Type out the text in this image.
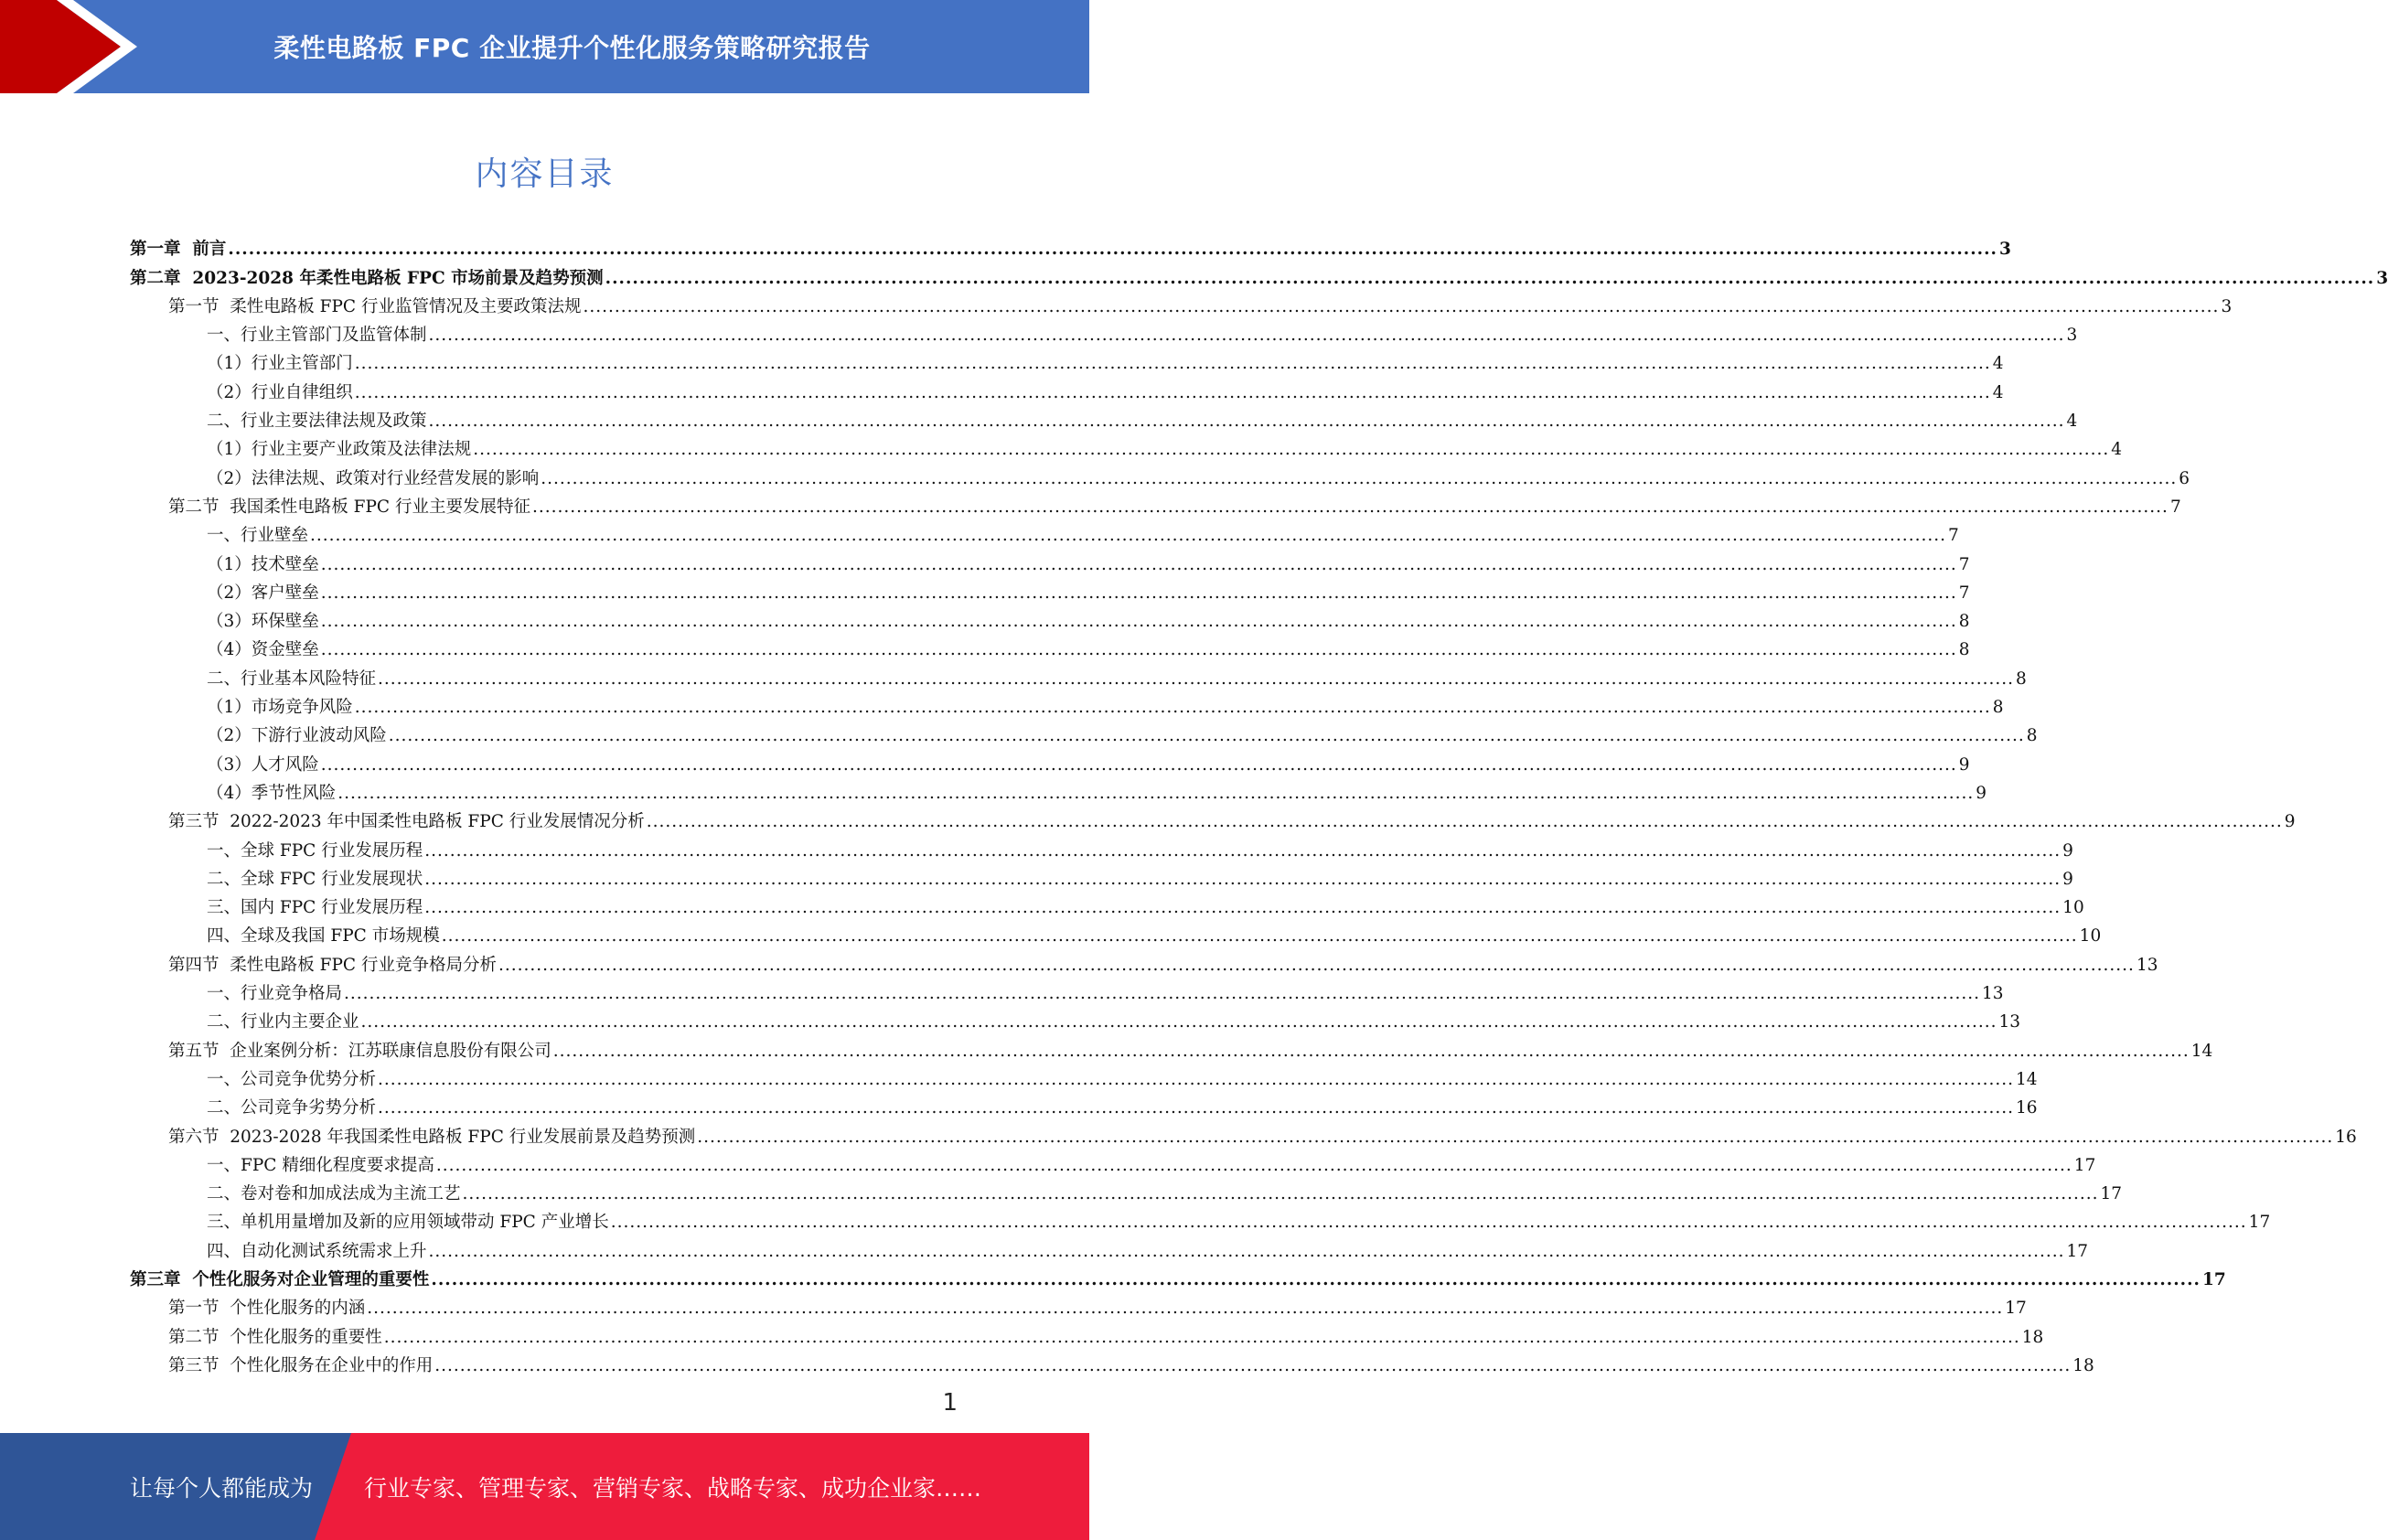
柔性电路板 FPC 企业提升个性化服务策略研究报告
内容目录
第一章  前言 .................................................................................................................................................................................................................................................................... 3
第二章  2023-2028 年柔性电路板 FPC 市场前景及趋势预测 .................................................................................................................................................................................................................................................................... 3
第一节  柔性电路板 FPC 行业监管情况及主要政策法规 .................................................................................................................................................................................................................................................................... 3
一、行业主管部门及监管体制 .................................................................................................................................................................................................................................................................... 3
（1）行业主管部门 .................................................................................................................................................................................................................................................................... 4
（2）行业自律组织 .................................................................................................................................................................................................................................................................... 4
二、行业主要法律法规及政策 .................................................................................................................................................................................................................................................................... 4
（1）行业主要产业政策及法律法规 .................................................................................................................................................................................................................................................................... 4
（2）法律法规、政策对行业经营发展的影响 .................................................................................................................................................................................................................................................................... 6
第二节  我国柔性电路板 FPC 行业主要发展特征 .................................................................................................................................................................................................................................................................... 7
一、行业壁垒 .................................................................................................................................................................................................................................................................... 7
（1）技术壁垒 .................................................................................................................................................................................................................................................................... 7
（2）客户壁垒 .................................................................................................................................................................................................................................................................... 7
（3）环保壁垒 .................................................................................................................................................................................................................................................................... 8
（4）资金壁垒 .................................................................................................................................................................................................................................................................... 8
二、行业基本风险特征 .................................................................................................................................................................................................................................................................... 8
（1）市场竞争风险 .................................................................................................................................................................................................................................................................... 8
（2）下游行业波动风险 .................................................................................................................................................................................................................................................................... 8
（3）人才风险 .................................................................................................................................................................................................................................................................... 9
（4）季节性风险 .................................................................................................................................................................................................................................................................... 9
第三节  2022-2023 年中国柔性电路板 FPC 行业发展情况分析 .................................................................................................................................................................................................................................................................... 9
一、全球 FPC 行业发展历程 .................................................................................................................................................................................................................................................................... 9
二、全球 FPC 行业发展现状 .................................................................................................................................................................................................................................................................... 9
三、国内 FPC 行业发展历程 .................................................................................................................................................................................................................................................................... 10
四、全球及我国 FPC 市场规模 .................................................................................................................................................................................................................................................................... 10
第四节  柔性电路板 FPC 行业竞争格局分析 .................................................................................................................................................................................................................................................................... 13
一、行业竞争格局 .................................................................................................................................................................................................................................................................... 13
二、行业内主要企业 .................................................................................................................................................................................................................................................................... 13
第五节  企业案例分析：江苏联康信息股份有限公司 .................................................................................................................................................................................................................................................................... 14
一、公司竞争优势分析 .................................................................................................................................................................................................................................................................... 14
二、公司竞争劣势分析 .................................................................................................................................................................................................................................................................... 16
第六节  2023-2028 年我国柔性电路板 FPC 行业发展前景及趋势预测 .................................................................................................................................................................................................................................................................... 16
一、FPC 精细化程度要求提高 .................................................................................................................................................................................................................................................................... 17
二、卷对卷和加成法成为主流工艺 .................................................................................................................................................................................................................................................................... 17
三、单机用量增加及新的应用领域带动 FPC 产业增长 .................................................................................................................................................................................................................................................................... 17
四、自动化测试系统需求上升 .................................................................................................................................................................................................................................................................... 17
第三章  个性化服务对企业管理的重要性 .................................................................................................................................................................................................................................................................... 17
第一节  个性化服务的内涵 .................................................................................................................................................................................................................................................................... 17
第二节  个性化服务的重要性 .................................................................................................................................................................................................................................................................... 18
第三节  个性化服务在企业中的作用 .................................................................................................................................................................................................................................................................... 18
1
让每个人都能成为 行业专家、管理专家、营销专家、战略专家、成功企业家……
